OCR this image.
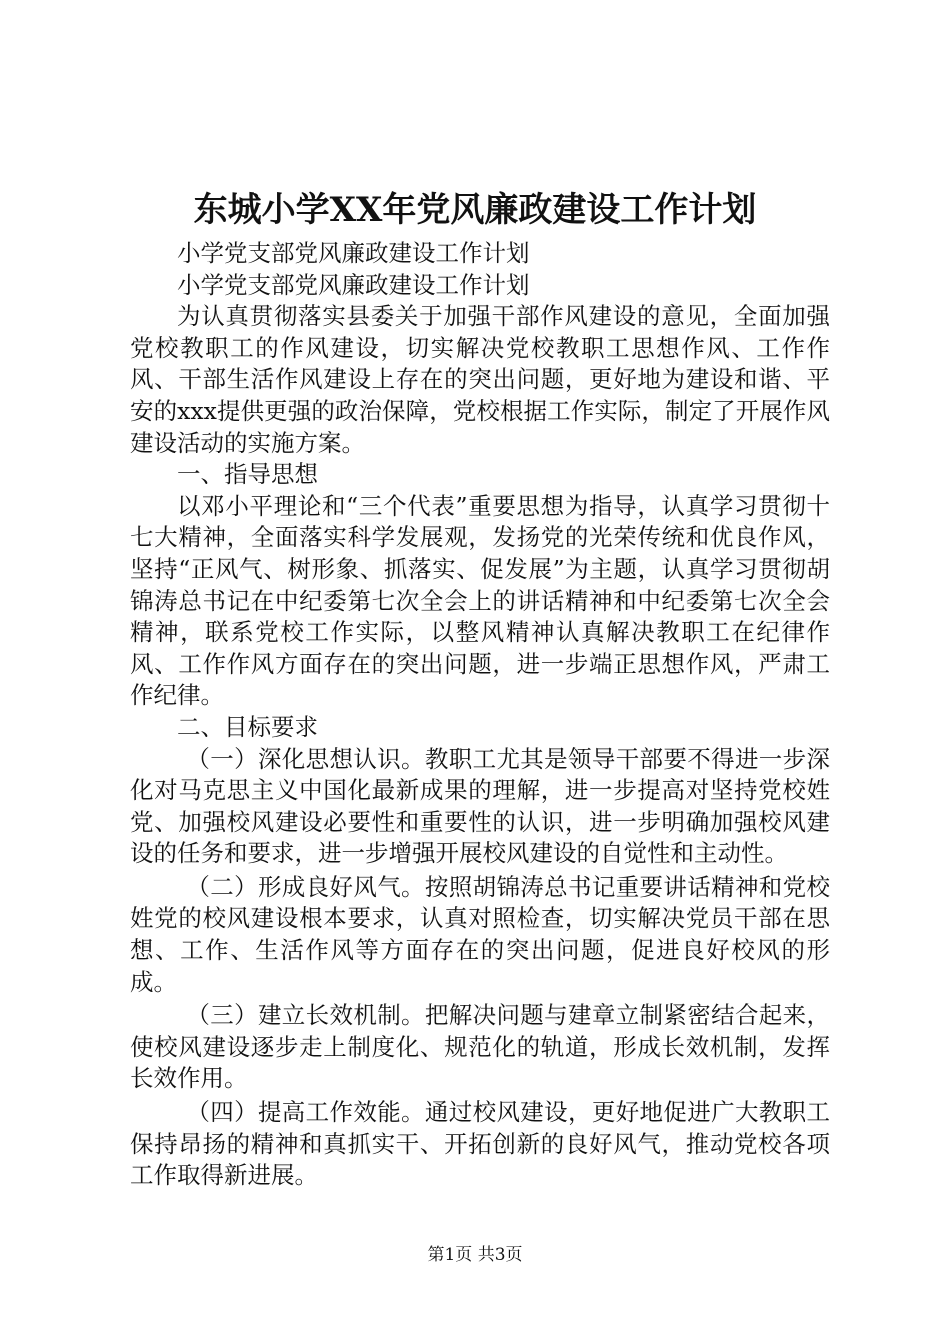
东城小学XX年党风廉政建设工作计划

小学党支部党风廉政建设工作计划

小学党支部党风廉政建设工作计划

为认真贯彻落实县委关于加强干部作风建设的意见，全面加强党校教职工的作风建设，切实解决党校教职工思想作风、工作作风、干部生活作风建设上存在的突出问题，更好地为建设和谐、平安的xxx提供更强的政治保障，党校根据工作实际，制定了开展作风建设活动的实施方案。

一、指导思想

以邓小平理论和“三个代表”重要思想为指导，认真学习贯彻十七大精神，全面落实科学发展观，发扬党的光荣传统和优良作风，坚持“正风气、树形象、抓落实、促发展”为主题，认真学习贯彻胡锦涛总书记在中纪委第七次全会上的讲话精神和中纪委第七次全会精神，联系党校工作实际，以整风精神认真解决教职工在纪律作风、工作作风方面存在的突出问题，进一步端正思想作风，严肃工作纪律。

二、目标要求

（一）深化思想认识。教职工尤其是领导干部要不得进一步深化对马克思主义中国化最新成果的理解，进一步提高对坚持党校姓党、加强校风建设必要性和重要性的认识，进一步明确加强校风建设的任务和要求，进一步增强开展校风建设的自觉性和主动性。

（二）形成良好风气。按照胡锦涛总书记重要讲话精神和党校姓党的校风建设根本要求，认真对照检查，切实解决党员干部在思想、工作、生活作风等方面存在的突出问题，促进良好校风的形成。

（三）建立长效机制。把解决问题与建章立制紧密结合起来，使校风建设逐步走上制度化、规范化的轨道，形成长效机制，发挥长效作用。

（四）提高工作效能。通过校风建设，更好地促进广大教职工保持昂扬的精神和真抓实干、开拓创新的良好风气，推动党校各项工作取得新进展。

第1页 共3页
